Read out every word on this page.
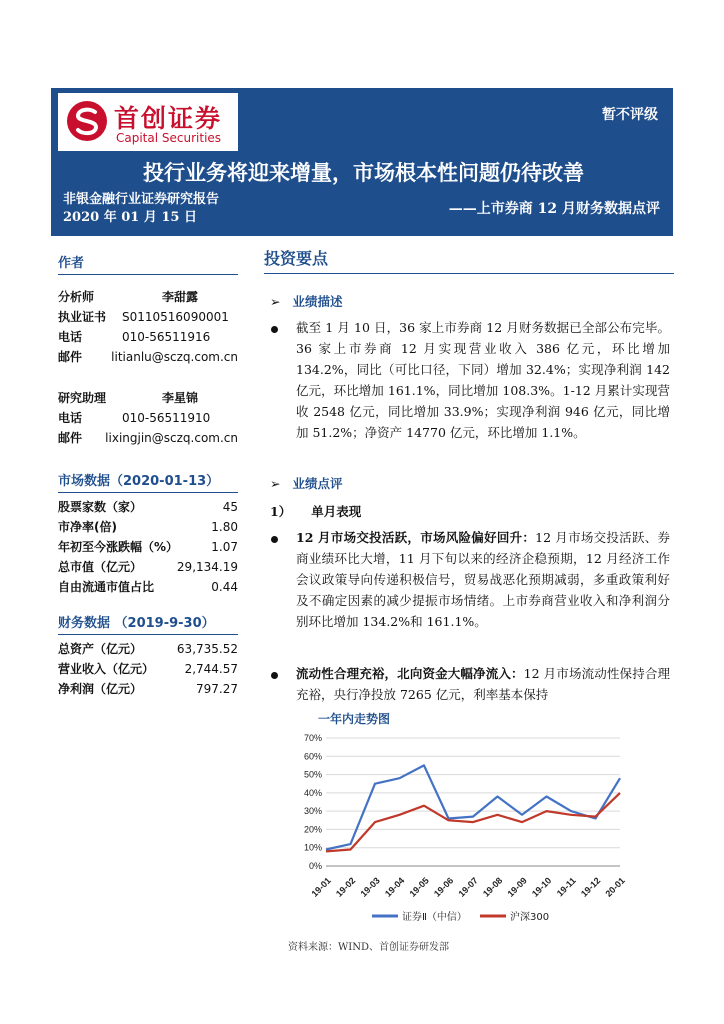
首创证券
Capital Securities
暂不评级
投行业务将迎来增量，市场根本性问题仍待改善
非银金融行业证券研究报告
2020 年 01 月 15 日
——上市券商 12 月财务数据点评
作者
分析师	李甜露
执业证书	S0110516090001
电话	010-56511916
邮件	litianlu@sczq.com.cn
研究助理	李星锦
电话	010-56511910
邮件	lixingjin@sczq.com.cn
市场数据（2020-01-13）
股票家数（家）	45
市净率(倍)	1.80
年初至今涨跌幅（%）	1.07
总市值（亿元）	29,134.19
自由流通市值占比	0.44
财务数据 （2019-9-30）
总资产（亿元）	63,735.52
营业收入（亿元）	2,744.57
净利润（亿元）	797.27
投资要点
➢ 业绩描述
截至 1 月 10 日，36 家上市券商 12 月财务数据已全部公布完毕。36 家上市券商 12 月实现营业收入 386 亿元，环比增加 134.2%，同比（可比口径，下同）增加 32.4%；实现净利润 142 亿元，环比增加 161.1%，同比增加 108.3%。1-12 月累计实现营收 2548 亿元，同比增加 33.9%；实现净利润 946 亿元，同比增加 51.2%；净资产 14770 亿元，环比增加 1.1%。
➢ 业绩点评
1） 单月表现
12 月市场交投活跃，市场风险偏好回升：12 月市场交投活跃、券商业绩环比大增，11 月下旬以来的经济企稳预期，12 月经济工作会议政策导向传递积极信号，贸易战恶化预期减弱，多重政策利好及不确定因素的减少提振市场情绪。上市券商营业收入和净利润分别环比增加 134.2%和 161.1%。
流动性合理充裕，北向资金大幅净流入：12 月市场流动性保持合理充裕，央行净投放 7265 亿元，利率基本保持
一年内走势图
0%
10%
20%
30%
40%
50%
60%
70%
19-01 19-02 19-03 19-04 19-05 19-06 19-07 19-08 19-09 19-10 19-11 19-12 20-01
证券Ⅱ（中信）	沪深300
资料来源：WIND、首创证券研发部
